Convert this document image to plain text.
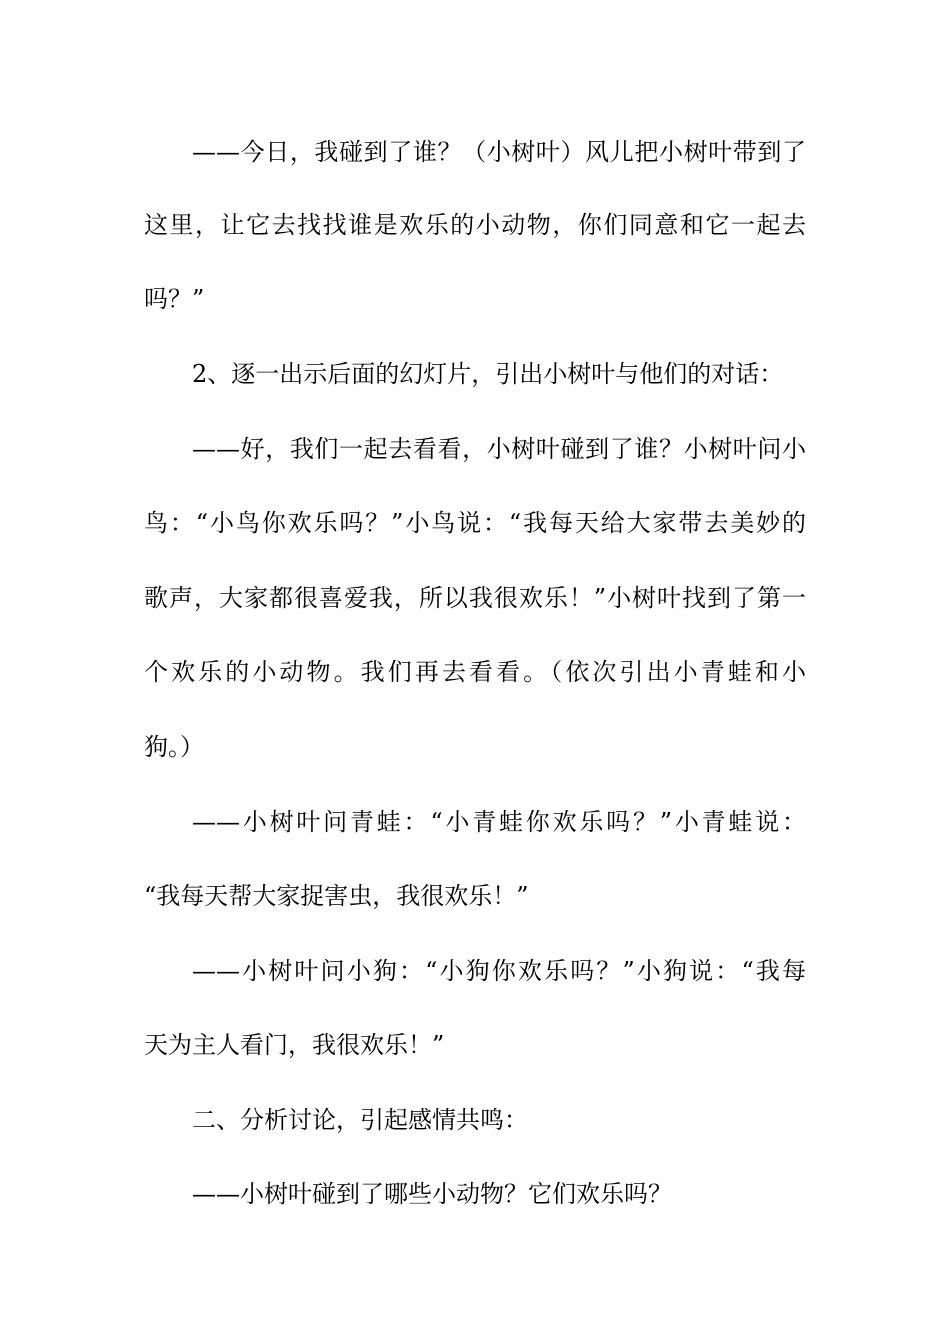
——今日，我碰到了谁？（小树叶）风儿把小树叶带到了
这里，让它去找找谁是欢乐的小动物，你们同意和它一起去
吗？”
2、逐一出示后面的幻灯片，引出小树叶与他们的对话：
——好，我们一起去看看，小树叶碰到了谁？小树叶问小
鸟：“小鸟你欢乐吗？”小鸟说：“我每天给大家带去美妙的
歌声，大家都很喜爱我，所以我很欢乐！”小树叶找到了第一
个欢乐的小动物。我们再去看看。（依次引出小青蛙和小
狗。）
——小树叶问青蛙：“小青蛙你欢乐吗？”小青蛙说：
“我每天帮大家捉害虫，我很欢乐！”
——小树叶问小狗：“小狗你欢乐吗？”小狗说：“我每
天为主人看门，我很欢乐！”
二、分析讨论，引起感情共鸣：
——小树叶碰到了哪些小动物？它们欢乐吗？
